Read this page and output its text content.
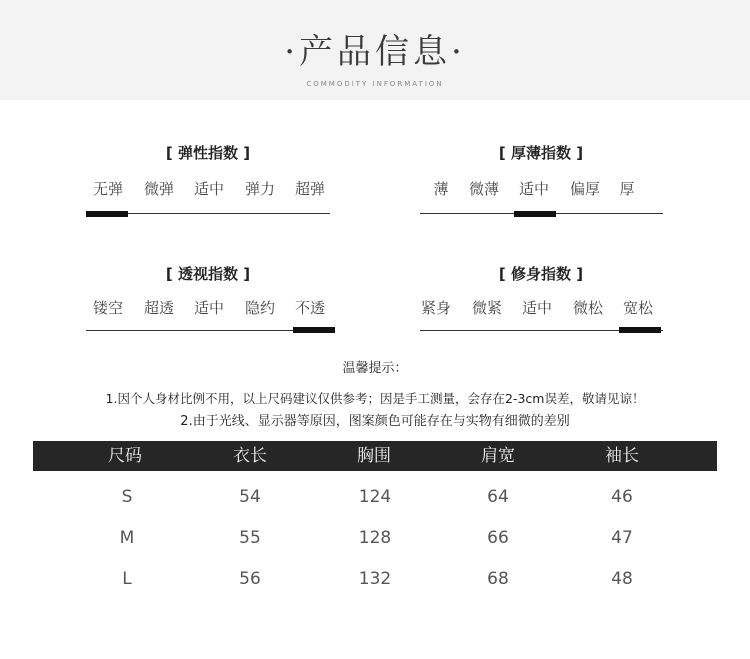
·产品信息·
COMMODITY INFORMATION
[ 弹性指数 ]
无弹	微弹	适中	弹力	超弹
[ 厚薄指数 ]
薄	微薄	适中	偏厚	厚
[ 透视指数 ]
镂空	超透	适中	隐约	不透
[ 修身指数 ]
紧身	微紧	适中	微松	宽松
温馨提示：
1.因个人身材比例不用，以上尺码建议仅供参考；因是手工测量，会存在2-3cm误差，敬请见谅！
2.由于光线、显示器等原因，图案颜色可能存在与实物有细微的差别
尺码	衣长	胸围	肩宽	袖长
S	54	124	64	46
M	55	128	66	47
L	56	132	68	48
